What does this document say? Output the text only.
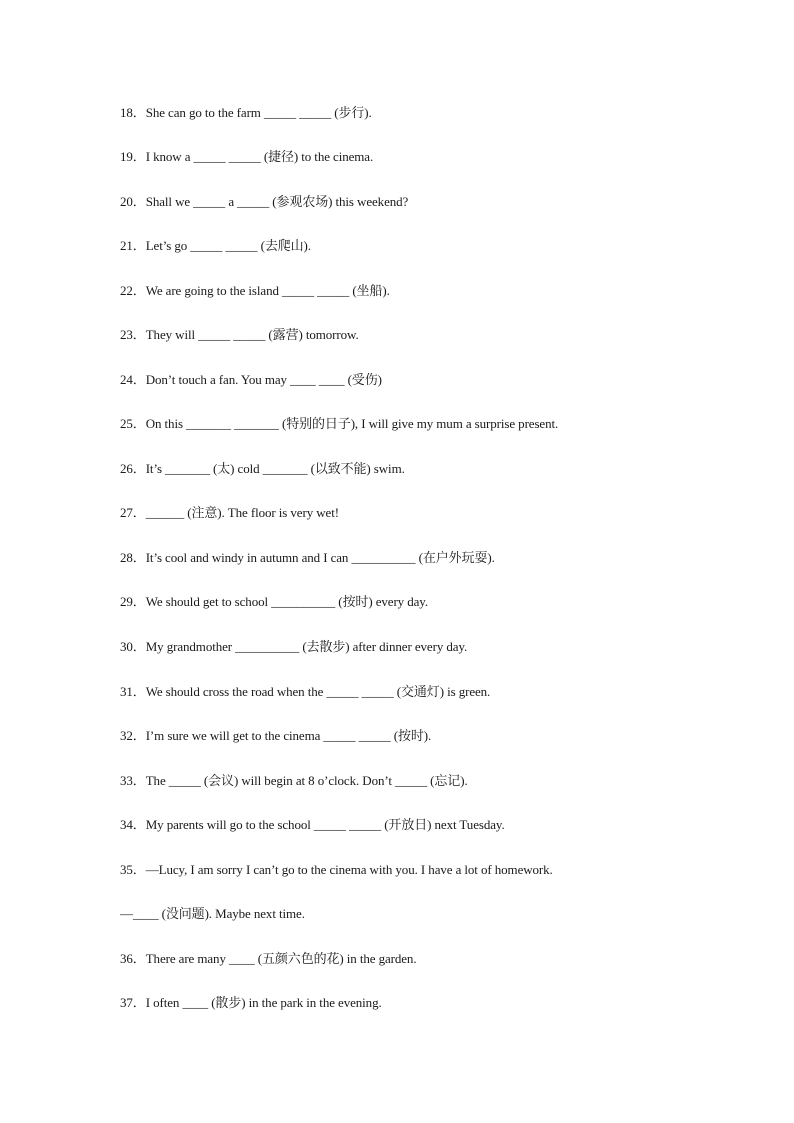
18．She can go to the farm _____ _____ (步行).
19．I know a _____ _____ (捷径) to the cinema.
20．Shall we _____ a _____ (参观农场) this weekend?
21．Let’s go _____ _____ (去爬山).
22．We are going to the island _____ _____ (坐船).
23．They will _____ _____ (露营) tomorrow.
24．Don’t touch a fan. You may ____ ____ (受伤)
25．On this _______ _______ (特别的日子), I will give my mum a surprise present.
26．It’s _______ (太) cold _______ (以致不能) swim.
27．______ (注意). The floor is very wet!
28．It’s cool and windy in autumn and I can __________ (在户外玩耍).
29．We should get to school __________ (按时) every day.
30．My grandmother __________ (去散步) after dinner every day.
31．We should cross the road when the _____ _____ (交通灯) is green.
32．I’m sure we will get to the cinema _____ _____ (按时).
33．The _____ (会议) will begin at 8 o’clock. Don’t _____ (忘记).
34．My parents will go to the school _____ _____ (开放日) next Tuesday.
35．—Lucy, I am sorry I can’t go to the cinema with you. I have a lot of homework.
—____ (没问题). Maybe next time.
36．There are many ____ (五颜六色的花) in the garden.
37．I often ____ (散步) in the park in the evening.
